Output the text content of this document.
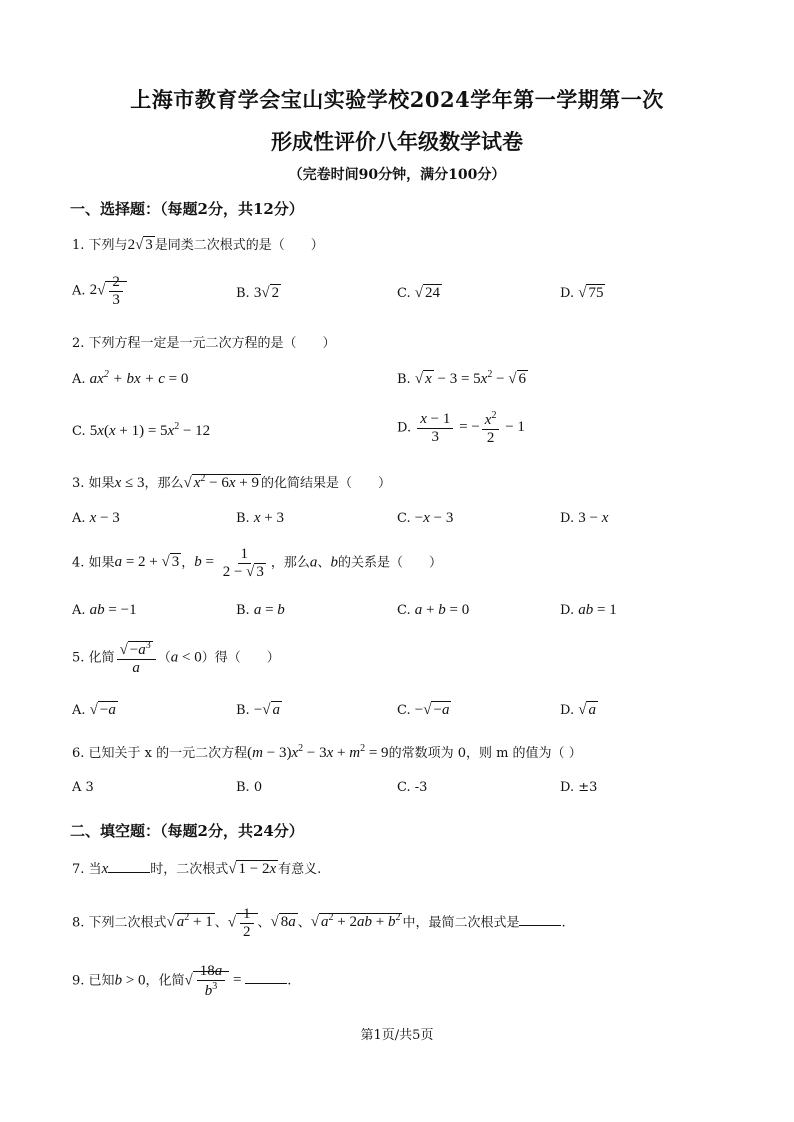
上海市教育学会宝山实验学校2024学年第一学期第一次
形成性评价八年级数学试卷
（完卷时间90分钟，满分100分）
一、选择题：（每题2分，共12分）
1. 下列与2√ 3 是同类二次根式的是（　　）
A. $2√ \frac{2}{3}$	B. 3√ 2	C. √ 24	D. √ 75
2. 下列方程一定是一元二次方程的是（　　）
A. $ax^2$ + bx + c = 0	B. √ $x - 3 = 5x^2$ − √ 6
C. $5x(x + 1) = 5x^2 - 12$	D. $\frac{x - 1}{3}$ = − $\frac{x^2}{2} - 1$
3. 如果x ≤ 3，那么√ $x^2 - 6x + 9$ 的化简结果是（　　）
A. x − 3	B. x + 3	C. −x − 3	D. 3 − x
4. 如果a = 2 + √ 3 ，$b = \frac{1}{2 - √ 3}$ ，那么a、b的关系是（　　）
A. ab = −1	B. a = b	C. a + b = 0	D. ab = 1
5. 化简 $\frac{√ -a^3}{a} (a < 0)$得（　　）
A. √ −a	B. −√ a	C. −√ −a	D. √ a
6. 已知关于 x 的一元二次方程$(m - 3)x^2 - 3x + m^2 = 9$的常数项为 0，则 m 的值为（ ）
A 3	B. 0	C. -3	D. ±3
二、填空题：（每题2分，共24分）
7. 当x	时，二次根式√ 1 − 2x 有意义.
8. 下列二次根式√ $a^2 + 1$ 、√ $\frac{1}{2}$ 、√ 8a 、√ $a^2 + 2ab + b^2$ 中，最简二次根式是	.
9. 已知b > 0，化简√ $\frac{18a}{b^3}$ =	.
第1页/共5页
